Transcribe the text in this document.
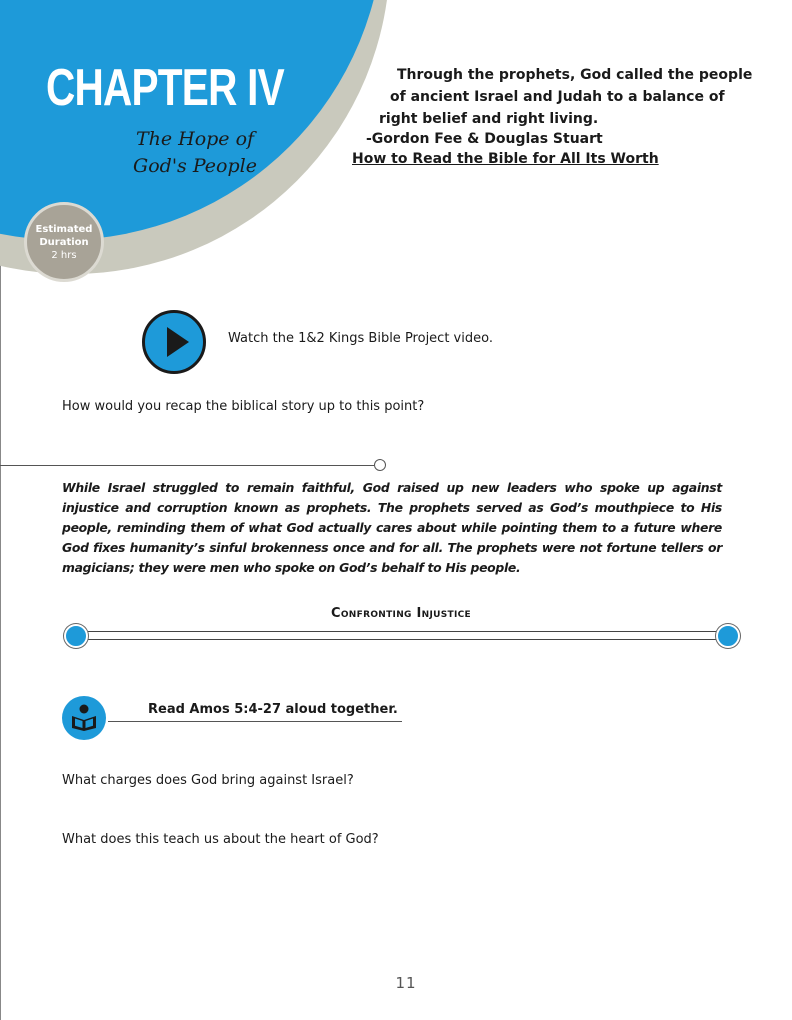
CHAPTER IV
The Hope of
God's People
Estimated
Duration
2 hrs
Through the prophets, God called the people
of ancient Israel and Judah to a balance of
right belief and right living.
-Gordon Fee & Douglas Stuart
How to Read the Bible for All Its Worth
Watch the 1&2 Kings Bible Project video.
How would you recap the biblical story up to this point?
While Israel struggled to remain faithful, God raised up new leaders who spoke up against injustice and corruption known as prophets. The prophets served as God’s mouthpiece to His people, reminding them of what God actually cares about while pointing them to a future where God fixes humanity’s sinful brokenness once and for all. The prophets were not fortune tellers or magicians; they were men who spoke on God’s behalf to His people.
Confronting Injustice
Read Amos 5:4-27 aloud together.
What charges does God bring against Israel?
What does this teach us about the heart of God?
11
